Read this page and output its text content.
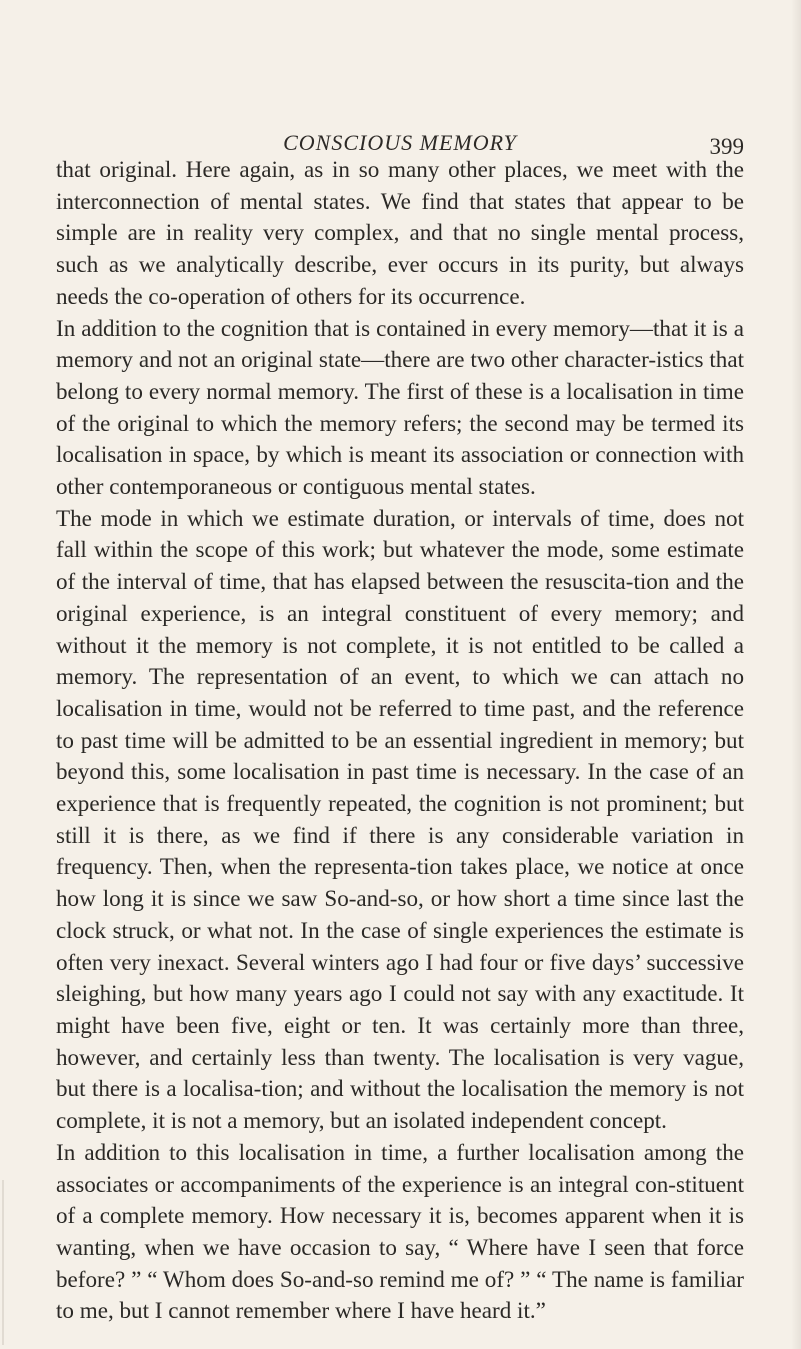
CONSCIOUS MEMORY	399

that original. Here again, as in so many other places, we meet with the interconnection of mental states. We find that states that appear to be simple are in reality very complex, and that no single mental process, such as we analytically describe, ever occurs in its purity, but always needs the co-operation of others for its occurrence.

In addition to the cognition that is contained in every memory—that it is a memory and not an original state—there are two other character-istics that belong to every normal memory. The first of these is a localisation in time of the original to which the memory refers; the second may be termed its localisation in space, by which is meant its association or connection with other contemporaneous or contiguous mental states.

The mode in which we estimate duration, or intervals of time, does not fall within the scope of this work; but whatever the mode, some estimate of the interval of time, that has elapsed between the resuscita-tion and the original experience, is an integral constituent of every memory; and without it the memory is not complete, it is not entitled to be called a memory. The representation of an event, to which we can attach no localisation in time, would not be referred to time past, and the reference to past time will be admitted to be an essential ingredient in memory; but beyond this, some localisation in past time is necessary. In the case of an experience that is frequently repeated, the cognition is not prominent; but still it is there, as we find if there is any considerable variation in frequency. Then, when the representa-tion takes place, we notice at once how long it is since we saw So-and-so, or how short a time since last the clock struck, or what not. In the case of single experiences the estimate is often very inexact. Several winters ago I had four or five days’ successive sleighing, but how many years ago I could not say with any exactitude. It might have been five, eight or ten. It was certainly more than three, however, and certainly less than twenty. The localisation is very vague, but there is a localisa-tion; and without the localisation the memory is not complete, it is not a memory, but an isolated independent concept.

In addition to this localisation in time, a further localisation among the associates or accompaniments of the experience is an integral con-stituent of a complete memory. How necessary it is, becomes apparent when it is wanting, when we have occasion to say, “ Where have I seen that force before? ” “ Whom does So-and-so remind me of? ” “ The name is familiar to me, but I cannot remember where I have heard it.”
